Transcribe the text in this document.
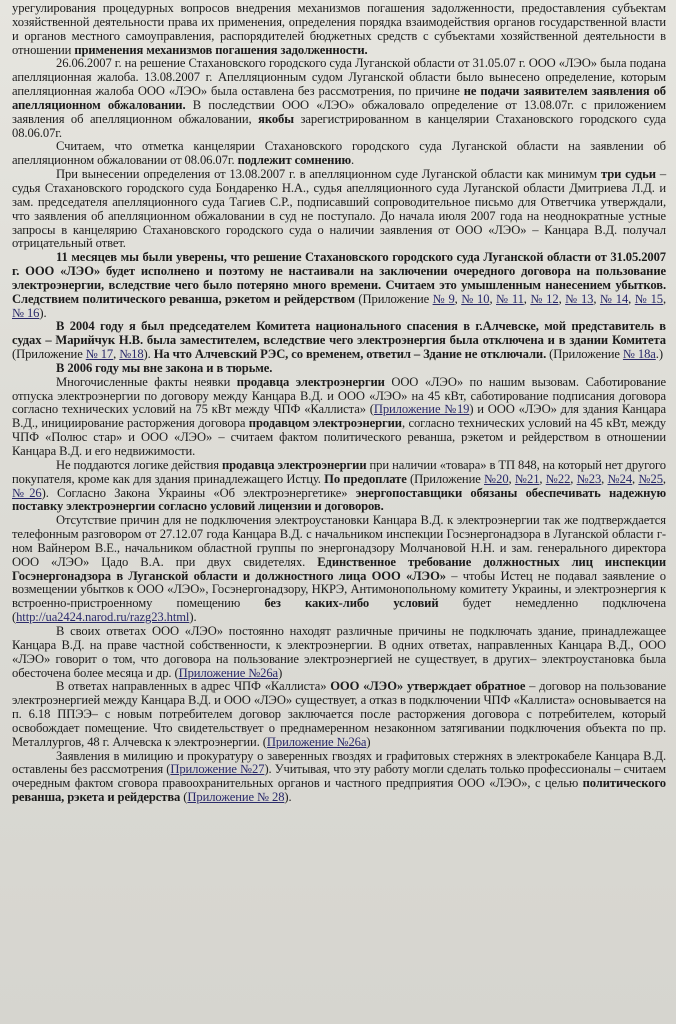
урегулирования процедурных вопросов внедрения механизмов погашения задолженности, предоставления субъектам хозяйственной деятельности права их применения, определения порядка взаимодействия органов государственной власти и органов местного самоуправления, распорядителей бюджетных средств с субъектами хозяйственной деятельности в отношении применения механизмов погашения задолженности.

26.06.2007 г. на решение Стахановского городского суда Луганской области от 31.05.07 г. ООО «ЛЭО» была подана апелляционная жалоба. 13.08.2007 г. Апелляционным судом Луганской области было вынесено определение, которым апелляционная жалоба ООО «ЛЭО» была оставлена без рассмотрения, по причине не подачи заявителем заявления об апелляционном обжаловании. В последствии ООО «ЛЭО» обжаловало определение от 13.08.07г. с приложением заявления об апелляционном обжаловании, якобы зарегистрированном в канцелярии Стахановского городского суда 08.06.07г.

Считаем, что отметка канцелярии Стахановского городского суда Луганской области на заявлении об апелляционном обжаловании от 08.06.07г. подлежит сомнению.

При вынесении определения от 13.08.2007 г. в апелляционном суде Луганской области как минимум три судьи – судья Стахановского городского суда Бондаренко Н.А., судья апелляционного суда Луганской области Дмитриева Л.Д. и зам. председателя апелляционного суда Тагиев С.Р., подписавший сопроводительное письмо для Ответчика утверждали, что заявления об апелляционном обжаловании в суд не поступало. До начала июля 2007 года на неоднократные устные запросы в канцелярию Стахановского городского суда о наличии заявления от ООО «ЛЭО» – Канцара В.Д. получал отрицательный ответ.

11 месяцев мы были уверены, что решение Стахановского городского суда Луганской области от 31.05.2007 г. ООО «ЛЭО» будет исполнено и поэтому не настаивали на заключении очередного договора на пользование электроэнергии, вследствие чего было потеряно много времени. Считаем это умышленным нанесением убытков. Следствием политического реванша, рэкетом и рейдерством (Приложение № 9, № 10, № 11, № 12, № 13, № 14, № 15, № 16).

В 2004 году я был председателем Комитета национального спасения в г.Алчевске, мой представитель в судах – Марийчук Н.В. была заместителем, вследствие чего электроэнергия была отключена и в здании Комитета (Приложение № 17, №18). На что Алчевский РЭС, со временем, ответил – Здание не отключали. (Приложение № 18а.)

В 2006 году мы вне закона и в тюрьме.

Многочисленные факты неявки продавца электроэнергии ООО «ЛЭО» по нашим вызовам. Саботирование отпуска электроэнергии по договору между Канцара В.Д. и ООО «ЛЭО» на 45 кВт, саботирование подписания договора согласно технических условий на 75 кВт между ЧПФ «Каллиста» (Приложение №19) и ООО «ЛЭО» для здания Канцара В.Д., инициирование расторжения договора продавцом электроэнергии, согласно технических условий на 45 кВт, между ЧПФ «Полюс стар» и ООО «ЛЭО» – считаем фактом политического реванша, рэкетом и рейдерством в отношении Канцара В.Д. и его недвижимости.

Не поддаются логике действия продавца электроэнергии при наличии «товара» в ТП 848, на который нет другого покупателя, кроме как для здания принадлежащего Истцу. По предоплате (Приложение №20, №21, №22, №23, №24, №25, №26). Согласно Закона Украины «Об электроэнергетике» энергопоставщики обязаны обеспечивать надежную поставку электроэнергии согласно условий лицензии и договоров.

Отсутствие причин для не подключения электроустановки Канцара В.Д. к электроэнергии так же подтверждается телефонным разговором от 27.12.07 года Канцара В.Д. с начальником инспекции Госэнергонадзора в Луганской области г-ном Вайнером В.Е., начальником областной группы по энергонадзору Молчановой Н.Н. и зам. генерального директора ООО «ЛЭО» Цадо В.А. при двух свидетелях. Единственное требование должностных лиц инспекции Госэнергонадзора в Луганской области и должностного лица ООО «ЛЭО» – чтобы Истец не подавал заявление о возмещении убытков к ООО «ЛЭО», Госэнергонадзору, НКРЭ, Антимонопольному комитету Украины, и электроэнергия к встроенно-пристроенному помещению без каких-либо условий будет немедленно подключена (http://ua2424.narod.ru/razg23.html).

В своих ответах ООО «ЛЭО» постоянно находят различные причины не подключать здание, принадлежащее Канцара В.Д. на праве частной собственности, к электроэнергии. В одних ответах, направленных Канцара В.Д., ООО «ЛЭО» говорит о том, что договора на пользование электроэнергией не существует, в других– электроустановка была обесточена более месяца и др. (Приложение №26а)

В ответах направленных в адрес ЧПФ «Каллиста» ООО «ЛЭО» утверждает обратное – договор на пользование электроэнергией между Канцара В.Д. и ООО «ЛЭО» существует, а отказ в подключении ЧПФ «Каллиста» основывается на п. 6.18 ППЭЭ– с новым потребителем договор заключается после расторжения договора с потребителем, который освобождает помещение. Что свидетельствует о преднамеренном незаконном затягивании подключения объекта по пр. Металлургов, 48 г. Алчевска к электроэнергии. (Приложение №26а)

Заявления в милицию и прокуратуру о заверенных гвоздях и графитовых стержнях в электрокабеле Канцара В.Д. оставлены без рассмотрения (Приложение №27). Учитывая, что эту работу могли сделать только профессионалы – считаем очередным фактом сговора правоохранительных органов и частного предприятия ООО «ЛЭО», с целью политического реванша, рэкета и рейдерства (Приложение № 28).
